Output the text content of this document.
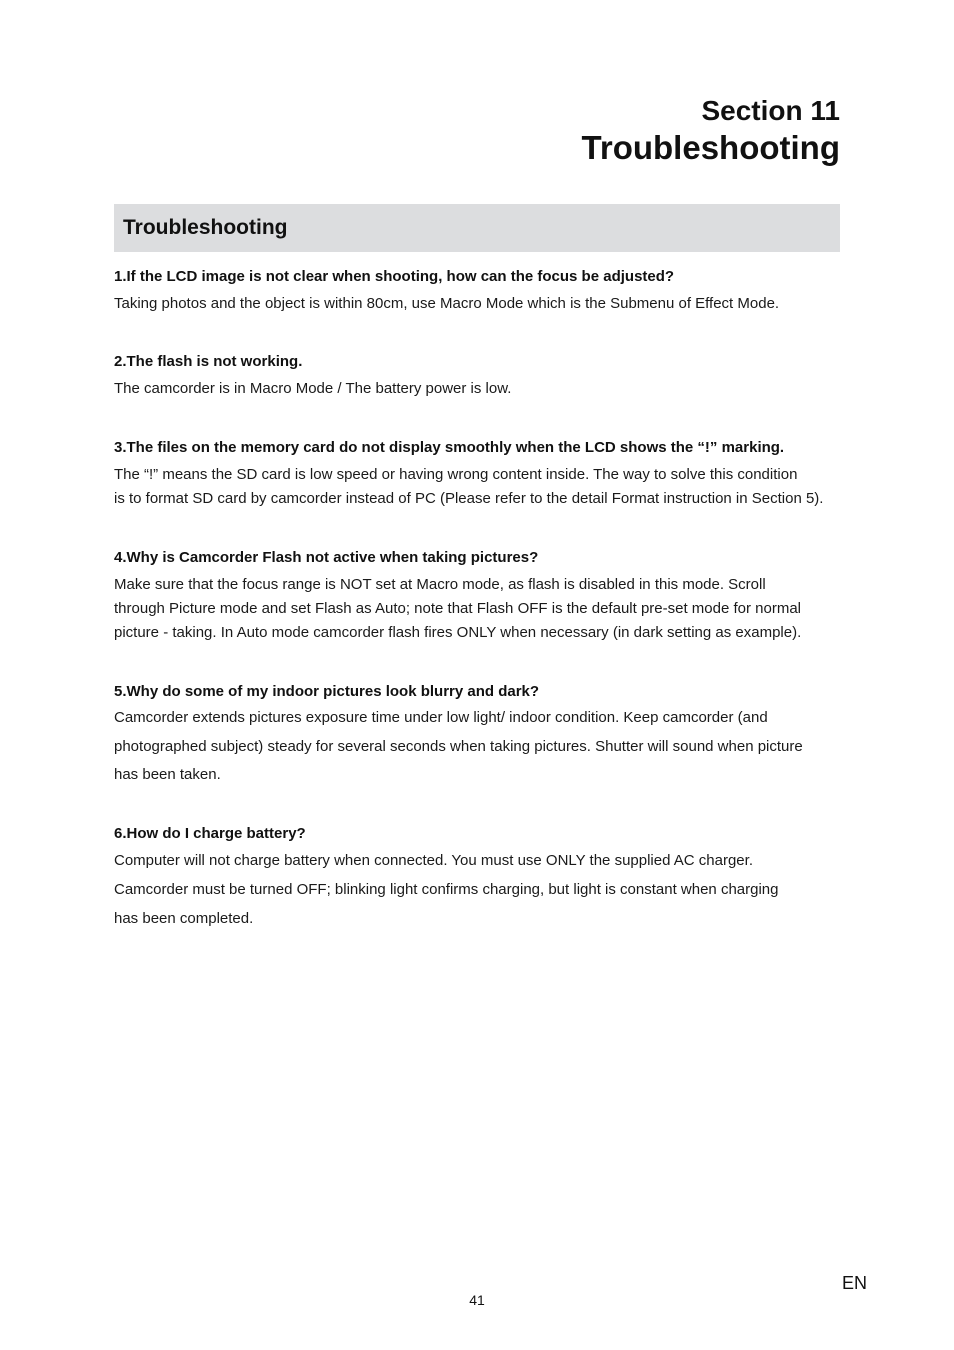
Section 11
Troubleshooting
Troubleshooting
1.If the LCD image is not clear when shooting, how can the focus be adjusted?
Taking photos and the object is within 80cm, use Macro Mode which is the Submenu of Effect Mode.
2.The flash is not working.
The camcorder is in Macro Mode / The battery power is low.
3.The files on the memory card do not display smoothly when the LCD shows the “!” marking.
The “!” means the SD card is low speed or having wrong content inside. The way to solve this condition
is to format SD card by camcorder instead of PC (Please refer to the detail Format instruction in Section 5).
4.Why is Camcorder Flash not active when taking pictures?
Make sure that the focus range is NOT set at Macro mode, as flash is disabled in this mode. Scroll
through Picture mode and set Flash as Auto; note that Flash OFF is the default pre-set mode for normal
picture - taking. In Auto mode camcorder flash fires ONLY when necessary (in dark setting as example).
5.Why do some of my indoor pictures look blurry and dark?
Camcorder extends pictures exposure time under low light/ indoor condition. Keep camcorder (and
photographed subject) steady for several seconds when taking pictures. Shutter will sound when picture
has been taken.
6.How do I charge battery?
Computer will not charge battery when connected. You must use ONLY the supplied AC charger.
Camcorder must be turned OFF; blinking light confirms charging, but light is constant when charging
has been completed.
EN
41
